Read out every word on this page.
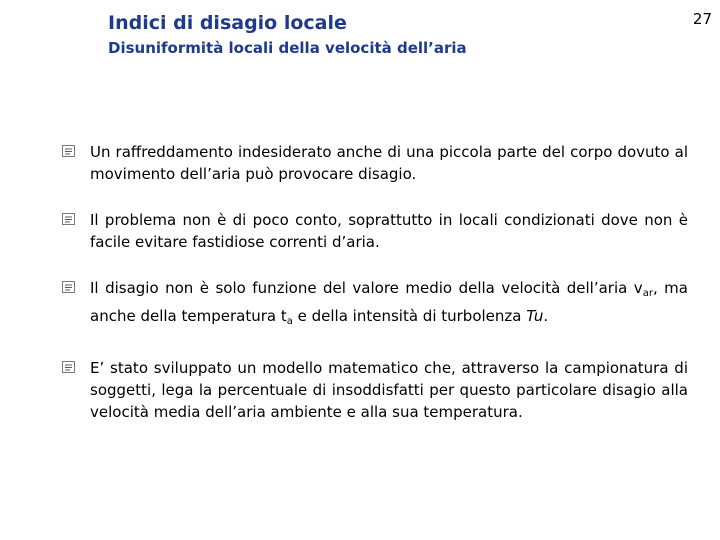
Indici di disagio locale
Disuniformità locali della velocità dell’aria
27
Un raffreddamento indesiderato anche di una piccola parte del corpo dovuto al movimento dell’aria può provocare disagio.
Il problema non è di poco conto, soprattutto in locali condizionati dove non è facile evitare fastidiose correnti d’aria.
Il disagio non è solo funzione del valore medio della velocità dell’aria $v_{ar}$, ma anche della temperatura $t_a$ e della intensità di turbolenza Tu.
E’ stato sviluppato un modello matematico che, attraverso la campionatura di soggetti, lega la percentuale di insoddisfatti per questo particolare disagio alla velocità media dell’aria ambiente e alla sua temperatura.
